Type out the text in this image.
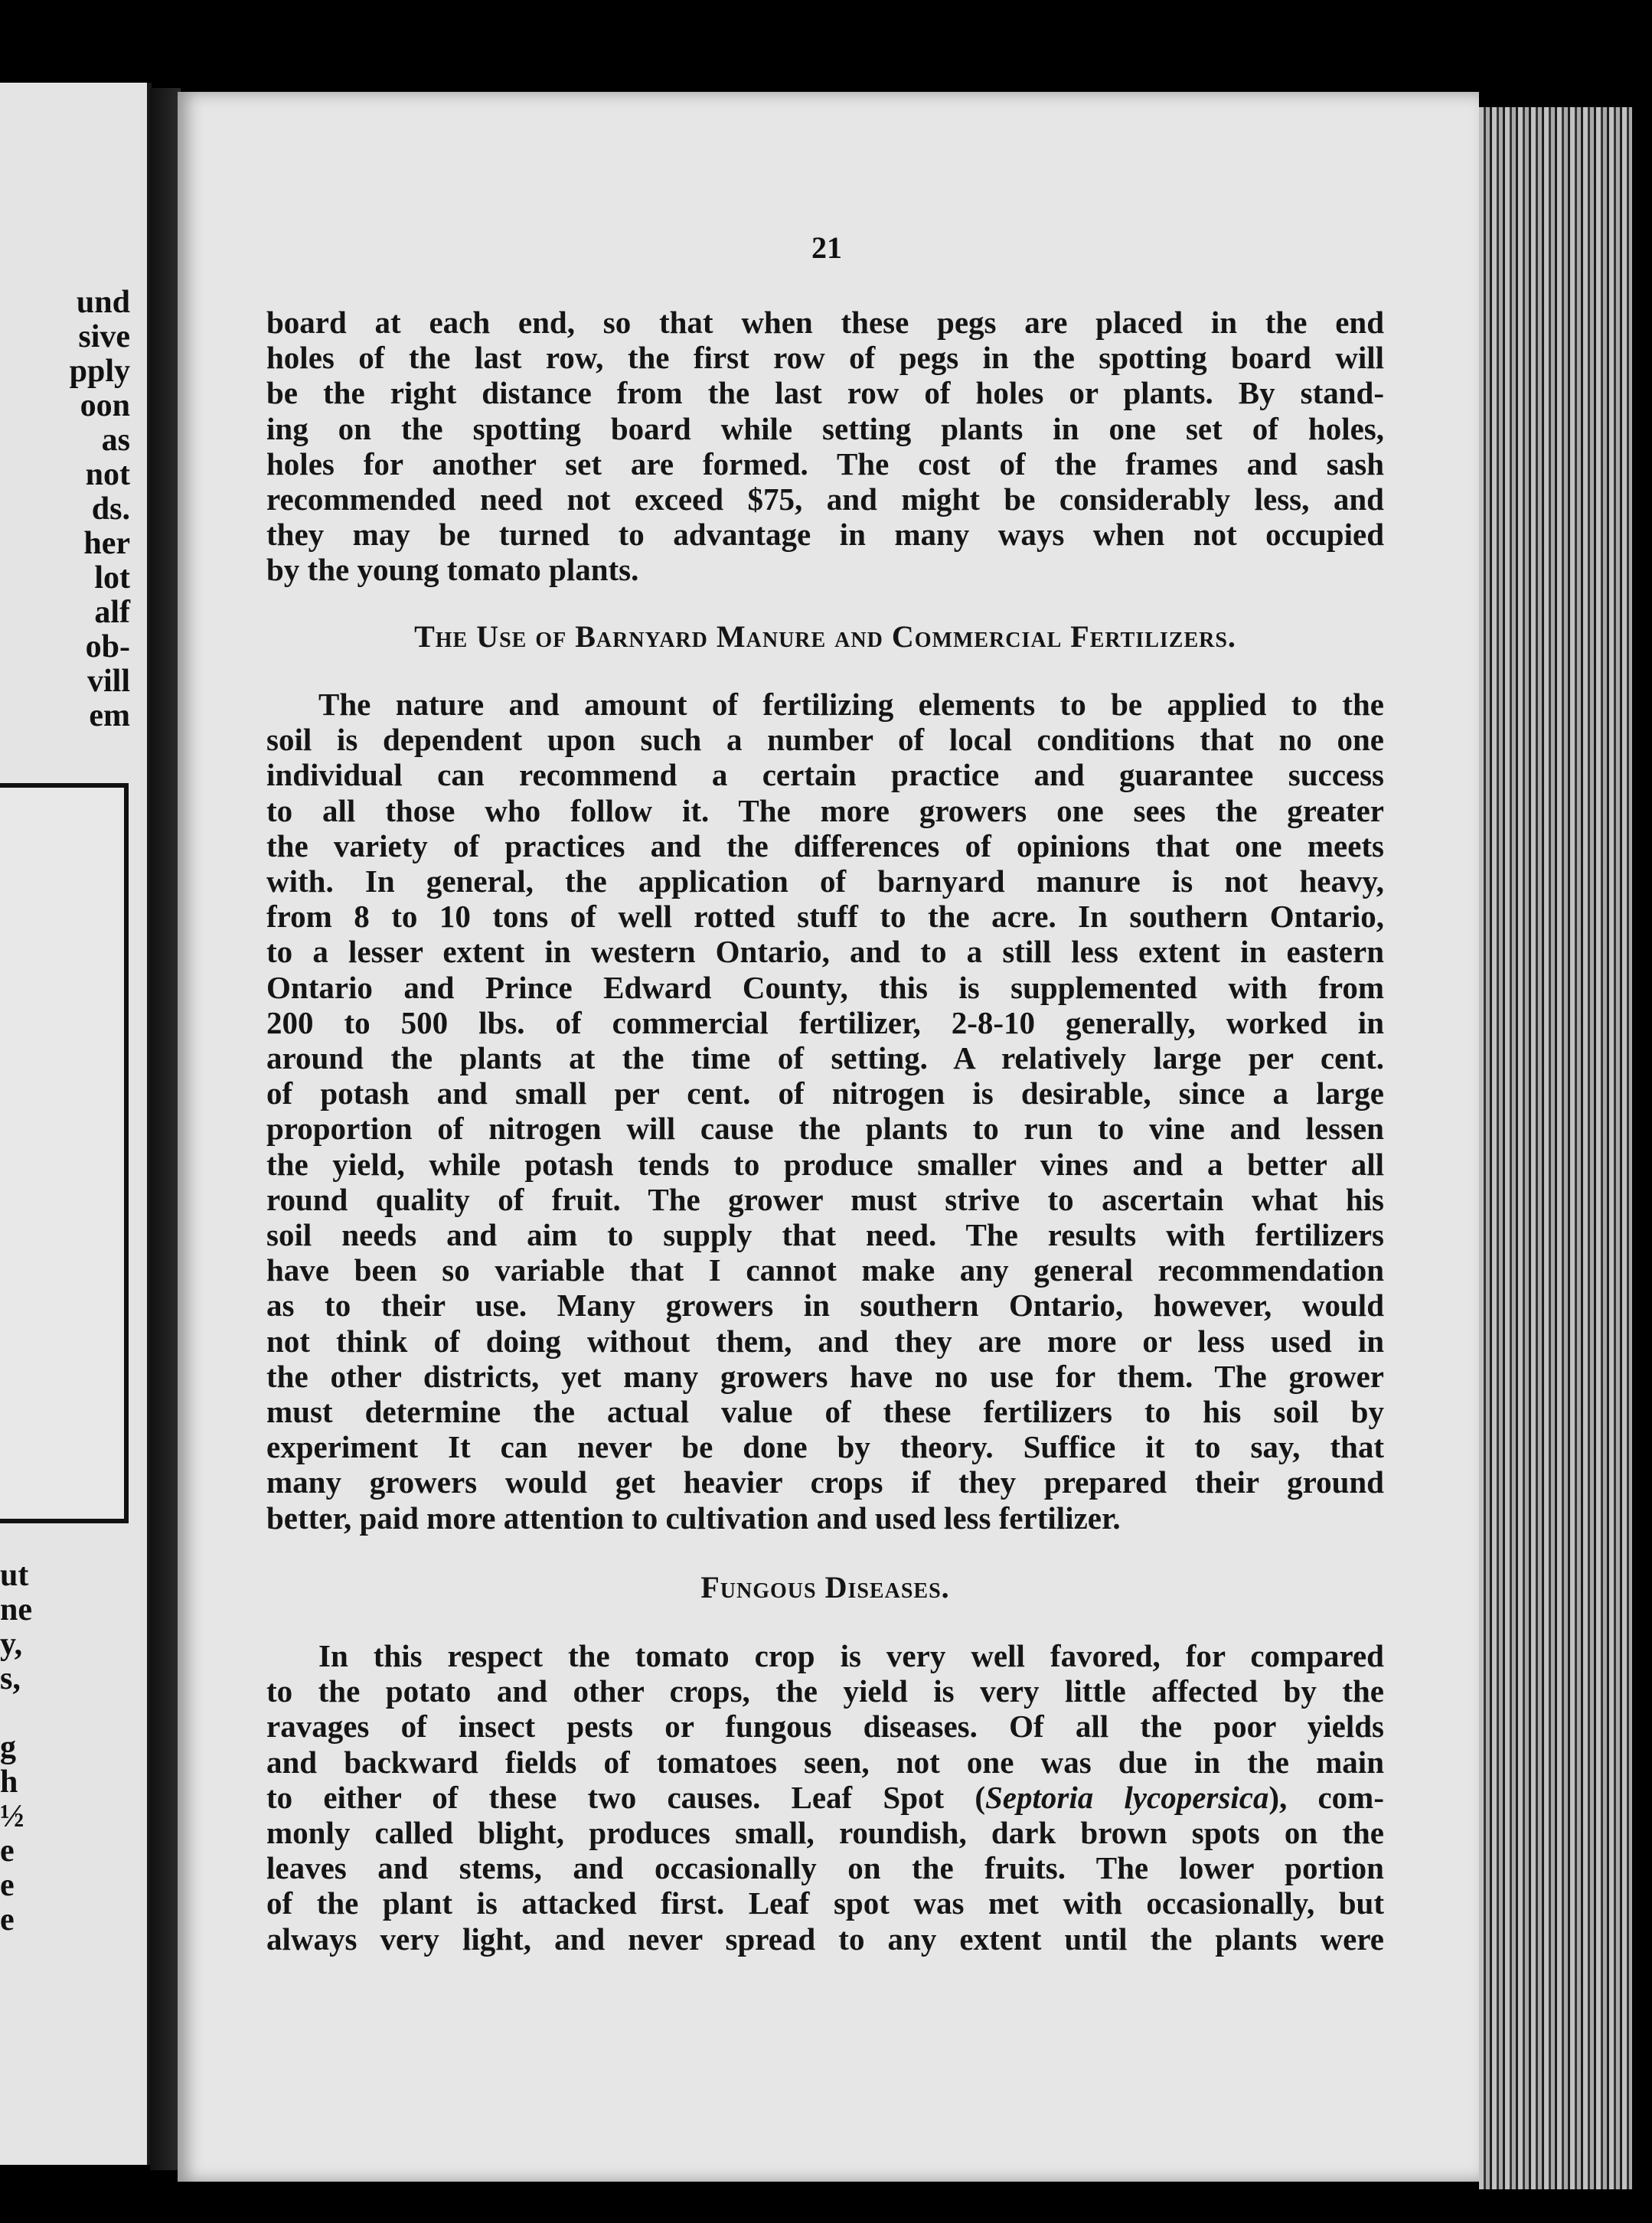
und
sive
pply
oon
as
not
ds.
her
lot
alf
ob-
vill
em
ut
ne
y,
s,
g
h
½
e
e
e
21
board at each end, so that when these pegs are placed in the end
holes of the last row, the first row of pegs in the spotting board will
be the right distance from the last row of holes or plants. By stand-
ing on the spotting board while setting plants in one set of holes,
holes for another set are formed. The cost of the frames and sash
recommended need not exceed $75, and might be considerably less, and
they may be turned to advantage in many ways when not occupied
by the young tomato plants.
The Use of Barnyard Manure and Commercial Fertilizers.
The nature and amount of fertilizing elements to be applied to the
soil is dependent upon such a number of local conditions that no one
individual can recommend a certain practice and guarantee success
to all those who follow it. The more growers one sees the greater
the variety of practices and the differences of opinions that one meets
with. In general, the application of barnyard manure is not heavy,
from 8 to 10 tons of well rotted stuff to the acre. In southern Ontario,
to a lesser extent in western Ontario, and to a still less extent in eastern
Ontario and Prince Edward County, this is supplemented with from
200 to 500 lbs. of commercial fertilizer, 2-8-10 generally, worked in
around the plants at the time of setting. A relatively large per cent.
of potash and small per cent. of nitrogen is desirable, since a large
proportion of nitrogen will cause the plants to run to vine and lessen
the yield, while potash tends to produce smaller vines and a better all
round quality of fruit. The grower must strive to ascertain what his
soil needs and aim to supply that need. The results with fertilizers
have been so variable that I cannot make any general recommendation
as to their use. Many growers in southern Ontario, however, would
not think of doing without them, and they are more or less used in
the other districts, yet many growers have no use for them. The grower
must determine the actual value of these fertilizers to his soil by
experiment It can never be done by theory. Suffice it to say, that
many growers would get heavier crops if they prepared their ground
better, paid more attention to cultivation and used less fertilizer.
Fungous Diseases.
In this respect the tomato crop is very well favored, for compared
to the potato and other crops, the yield is very little affected by the
ravages of insect pests or fungous diseases. Of all the poor yields
and backward fields of tomatoes seen, not one was due in the main
to either of these two causes. Leaf Spot (Septoria lycopersica), com-
monly called blight, produces small, roundish, dark brown spots on the
leaves and stems, and occasionally on the fruits. The lower portion
of the plant is attacked first. Leaf spot was met with occasionally, but
always very light, and never spread to any extent until the plants were
